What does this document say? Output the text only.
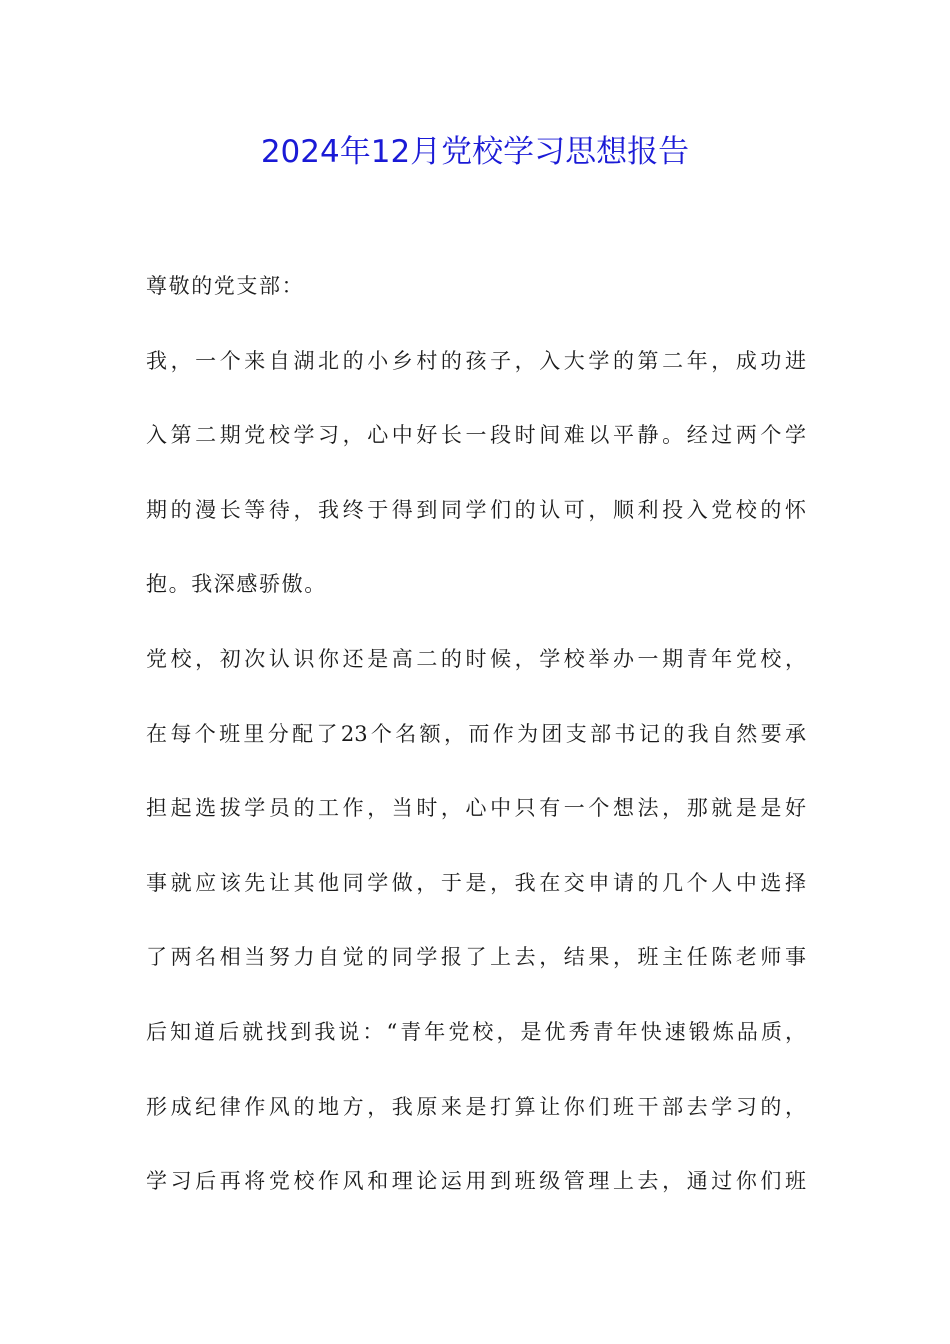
2024年12月党校学习思想报告
尊敬的党支部：
我，一个来自湖北的小乡村的孩子，入大学的第二年，成功进
入第二期党校学习，心中好长一段时间难以平静。经过两个学
期的漫长等待，我终于得到同学们的认可，顺利投入党校的怀
抱。我深感骄傲。
党校，初次认识你还是高二的时候，学校举办一期青年党校，
在每个班里分配了23个名额，而作为团支部书记的我自然要承
担起选拔学员的工作，当时，心中只有一个想法，那就是是好
事就应该先让其他同学做，于是，我在交申请的几个人中选择
了两名相当努力自觉的同学报了上去，结果，班主任陈老师事
后知道后就找到我说：“青年党校，是优秀青年快速锻炼品质，
形成纪律作风的地方，我原来是打算让你们班干部去学习的，
学习后再将党校作风和理论运用到班级管理上去，通过你们班
